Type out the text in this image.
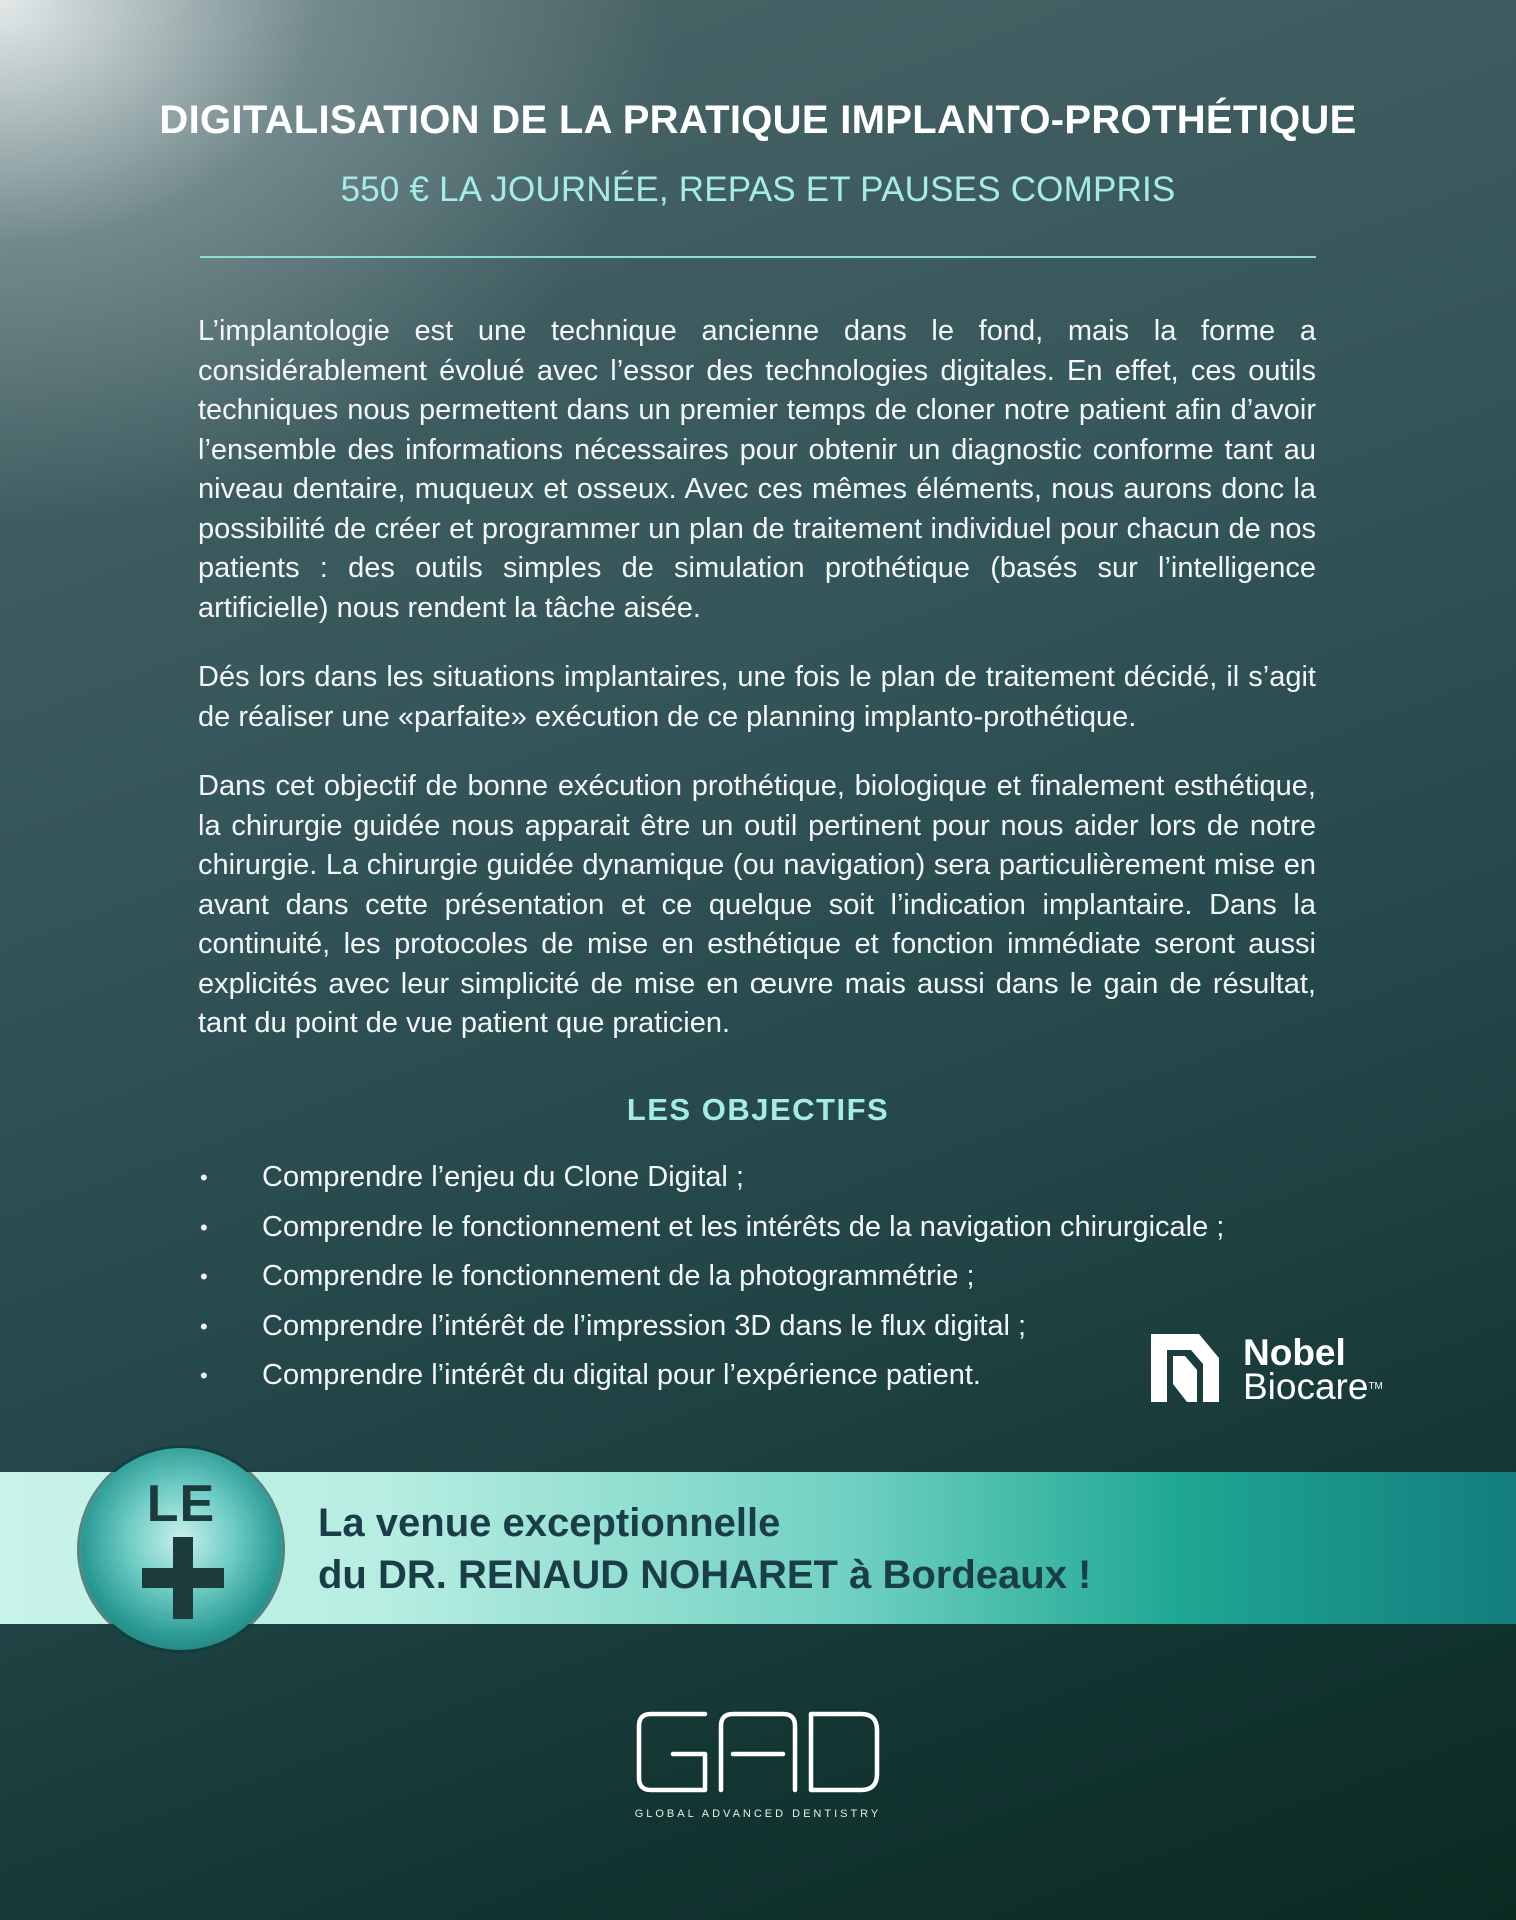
DIGITALISATION DE LA PRATIQUE IMPLANTO-PROTHÉTIQUE
550 € LA JOURNÉE, REPAS ET PAUSES COMPRIS

L’implantologie est une technique ancienne dans le fond, mais la forme a considérablement évolué avec l’essor des technologies digitales. En effet, ces outils techniques nous permettent dans un premier temps de cloner notre patient afin d’avoir l’ensemble des informations nécessaires pour obtenir un diagnostic conforme tant au niveau dentaire, muqueux et osseux. Avec ces mêmes éléments, nous aurons donc la possibilité de créer et programmer un plan de traitement individuel pour chacun de nos patients : des outils simples de simulation prothétique (basés sur l’intelligence artificielle) nous rendent la tâche aisée.

Dés lors dans les situations implantaires, une fois le plan de traitement décidé, il s’agit de réaliser une «parfaite» exécution de ce planning implanto-prothétique.

Dans cet objectif de bonne exécution prothétique, biologique et finalement esthétique, la chirurgie guidée nous apparait être un outil pertinent pour nous aider lors de notre chirurgie. La chirurgie guidée dynamique (ou navigation) sera particulièrement mise en avant dans cette présentation et ce quelque soit l’indication implantaire. Dans la continuité, les protocoles de mise en esthétique et fonction immédiate seront aussi explicités avec leur simplicité de mise en œuvre mais aussi dans le gain de résultat, tant du point de vue patient que praticien.

LES OBJECTIFS
• Comprendre l’enjeu du Clone Digital ;
• Comprendre le fonctionnement et les intérêts de la navigation chirurgicale ;
• Comprendre le fonctionnement de la photogrammétrie ;
• Comprendre l’intérêt de l’impression 3D dans le flux digital ;
• Comprendre l’intérêt du digital pour l’expérience patient.
Nobel
Biocare™
LE	La venue exceptionnelle
du DR. RENAUD NOHARET à Bordeaux !
GLOBAL ADVANCED DENTISTRY
